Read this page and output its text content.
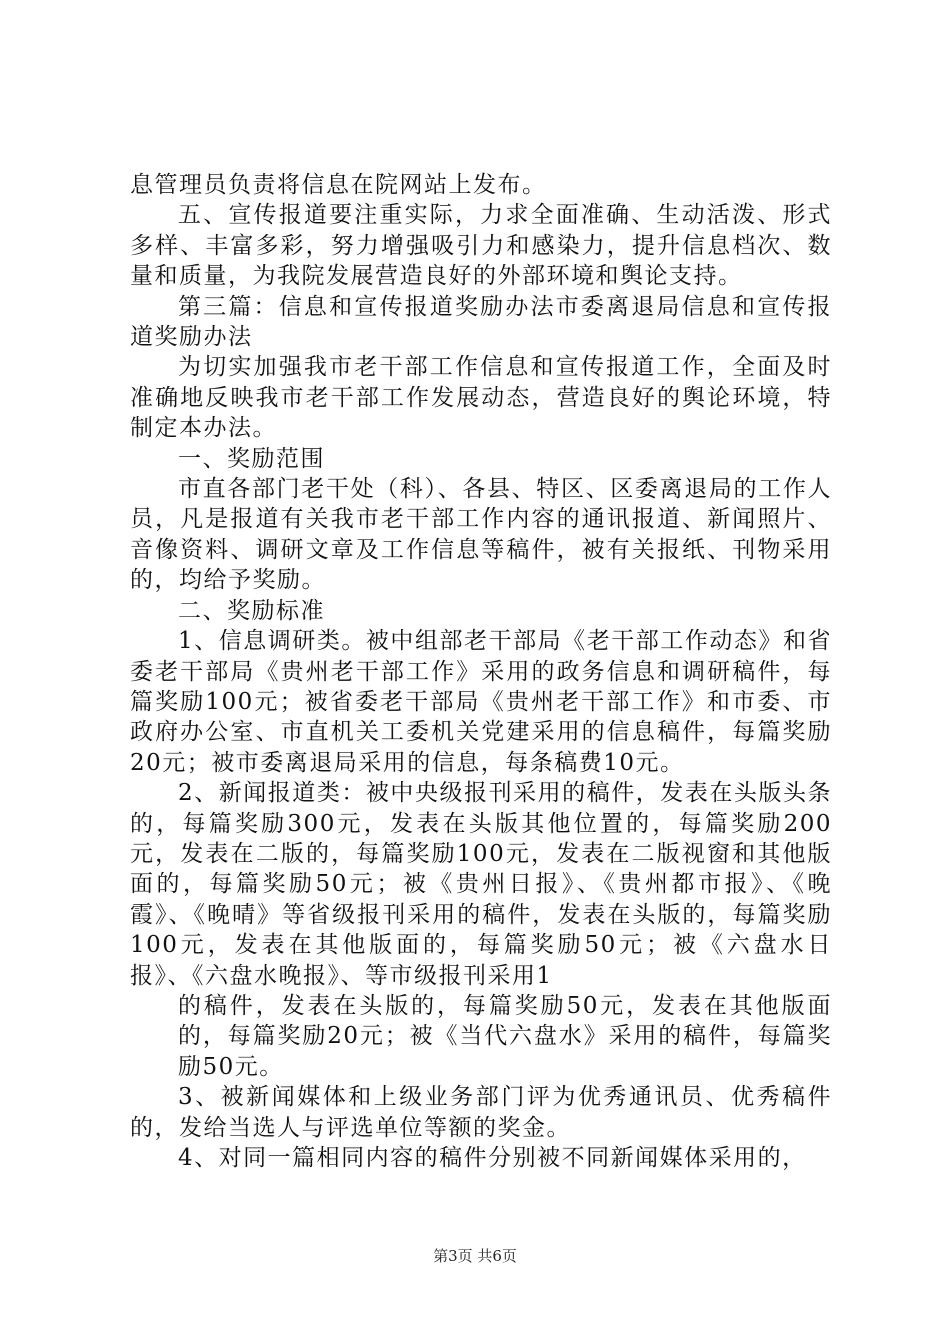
息管理员负责将信息在院网站上发布。

五、宣传报道要注重实际，力求全面准确、生动活泼、形式多样、丰富多彩，努力增强吸引力和感染力，提升信息档次、数量和质量，为我院发展营造良好的外部环境和舆论支持。

第三篇：信息和宣传报道奖励办法市委离退局信息和宣传报道奖励办法

为切实加强我市老干部工作信息和宣传报道工作，全面及时准确地反映我市老干部工作发展动态，营造良好的舆论环境，特制定本办法。

一、奖励范围

市直各部门老干处（科）、各县、特区、区委离退局的工作人员，凡是报道有关我市老干部工作内容的通讯报道、新闻照片、音像资料、调研文章及工作信息等稿件，被有关报纸、刊物采用的，均给予奖励。

二、奖励标准

1、信息调研类。被中组部老干部局《老干部工作动态》和省委老干部局《贵州老干部工作》采用的政务信息和调研稿件，每篇奖励100元；被省委老干部局《贵州老干部工作》和市委、市政府办公室、市直机关工委机关党建采用的信息稿件，每篇奖励20元；被市委离退局采用的信息，每条稿费10元。

2、新闻报道类：被中央级报刊采用的稿件，发表在头版头条的，每篇奖励300元，发表在头版其他位置的，每篇奖励200元，发表在二版的，每篇奖励100元，发表在二版视窗和其他版面的，每篇奖励50元；被《贵州日报》、《贵州都市报》、《晚霞》、《晚晴》等省级报刊采用的稿件，发表在头版的，每篇奖励100元，发表在其他版面的，每篇奖励50元；被《六盘水日报》、《六盘水晚报》、等市级报刊采用1

的稿件，发表在头版的，每篇奖励50元，发表在其他版面的，每篇奖励20元；被《当代六盘水》采用的稿件，每篇奖励50元。

3、被新闻媒体和上级业务部门评为优秀通讯员、优秀稿件的，发给当选人与评选单位等额的奖金。

4、对同一篇相同内容的稿件分别被不同新闻媒体采用的，

第3页 共6页
